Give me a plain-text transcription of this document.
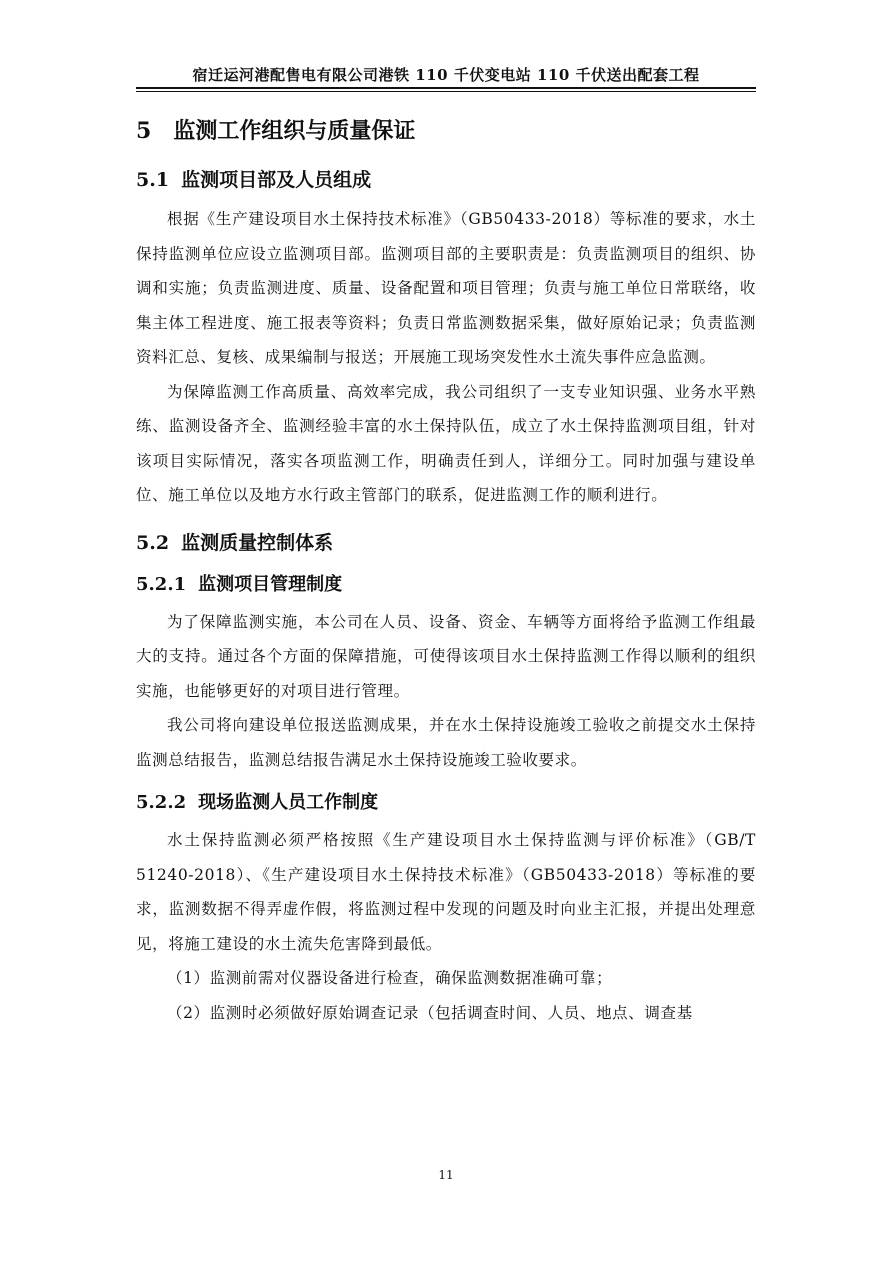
宿迁运河港配售电有限公司港铁 110 千伏变电站 110 千伏送出配套工程
5 监测工作组织与质量保证
5.1 监测项目部及人员组成

根据《生产建设项目水土保持技术标准》（GB50433-2018）等标准的要求，水土保持监测单位应设立监测项目部。监测项目部的主要职责是：负责监测项目的组织、协调和实施；负责监测进度、质量、设备配置和项目管理；负责与施工单位日常联络，收集主体工程进度、施工报表等资料；负责日常监测数据采集，做好原始记录；负责监测资料汇总、复核、成果编制与报送；开展施工现场突发性水土流失事件应急监测。

为保障监测工作高质量、高效率完成，我公司组织了一支专业知识强、业务水平熟练、监测设备齐全、监测经验丰富的水土保持队伍，成立了水土保持监测项目组，针对该项目实际情况，落实各项监测工作，明确责任到人，详细分工。同时加强与建设单位、施工单位以及地方水行政主管部门的联系，促进监测工作的顺利进行。

5.2 监测质量控制体系
5.2.1 监测项目管理制度

为了保障监测实施，本公司在人员、设备、资金、车辆等方面将给予监测工作组最大的支持。通过各个方面的保障措施，可使得该项目水土保持监测工作得以顺利的组织实施，也能够更好的对项目进行管理。

我公司将向建设单位报送监测成果，并在水土保持设施竣工验收之前提交水土保持监测总结报告，监测总结报告满足水土保持设施竣工验收要求。

5.2.2 现场监测人员工作制度

水土保持监测必须严格按照《生产建设项目水土保持监测与评价标准》（GB/T 51240-2018）、《生产建设项目水土保持技术标准》（GB50433-2018）等标准的要求，监测数据不得弄虚作假，将监测过程中发现的问题及时向业主汇报，并提出处理意见，将施工建设的水土流失危害降到最低。

（1）监测前需对仪器设备进行检查，确保监测数据准确可靠；

（2）监测时必须做好原始调查记录（包括调查时间、人员、地点、调查基

11
